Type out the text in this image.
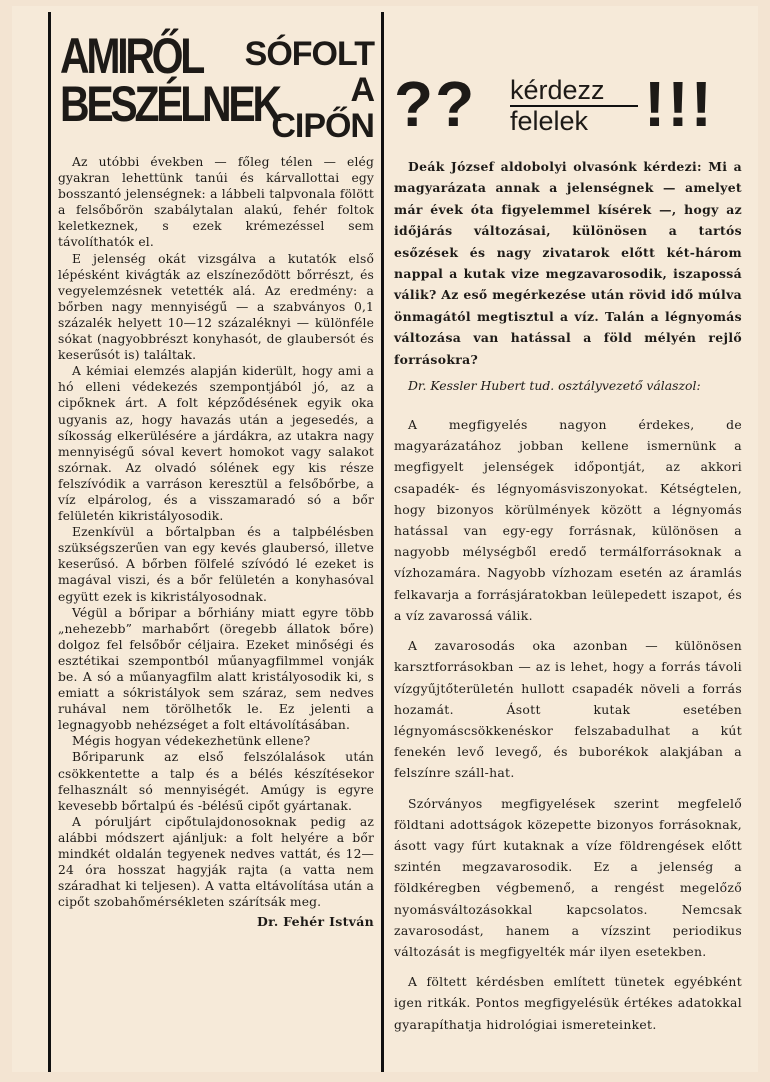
AMIRŐL BESZÉLNEK
SÓFOLT A CIPŐN

Az utóbbi években — főleg télen — elég gyakran lehettünk tanúi és kárvallottai egy bosszantó jelenségnek: a lábbeli talpvonala fölött a felsőbőrön szabálytalan alakú, fehér foltok keletkeznek, s ezek krémezéssel sem távolíthatók el.

E jelenség okát vizsgálva a kutatók első lépésként kivágták az elszíneződött bőrrészt, és vegyelemzésnek vetették alá. Az eredmény: a bőrben nagy mennyiségű — a szabványos 0,1 százalék helyett 10—12 százaléknyi — különféle sókat (nagyobbrészt konyhasót, de glaubersót és keserűsót is) találtak.

A kémiai elemzés alapján kiderült, hogy ami a hó elleni védekezés szempontjából jó, az a cipőknek árt. A folt képződésének egyik oka ugyanis az, hogy havazás után a jegesedés, a síkosság elkerülésére a járdákra, az utakra nagy mennyiségű sóval kevert homokot vagy salakot szórnak. Az olvadó sólének egy kis része felszívódik a varráson keresztül a felsőbőrbe, a víz elpárolog, és a visszamaradó só a bőr felületén kikristályosodik.

Ezenkívül a bőrtalpban és a talpbélésben szükségszerűen van egy kevés glaubersó, illetve keserűsó. A bőrben fölfelé szívódó lé ezeket is magával viszi, és a bőr felületén a konyhasóval együtt ezek is kikristályosodnak.

Végül a bőripar a bőrhiány miatt egyre több „nehezebb” marhabőrt (öregebb állatok bőre) dolgoz fel felsőbőr céljaira. Ezeket minőségi és esztétikai szempontból műanyagfilmmel vonják be. A só a műanyagfilm alatt kristályosodik ki, s emiatt a sókristályok sem száraz, sem nedves ruhával nem törölhetők le. Ez jelenti a legnagyobb nehézséget a folt eltávolításában.

Mégis hogyan védekezhetünk ellene?

Bőriparunk az első felszólalások után csökkentette a talp és a bélés készítésekor felhasznált só mennyiségét. Amúgy is egyre kevesebb bőrtalpú és -bélésű cipőt gyártanak.

A póruljárt cipőtulajdonosoknak pedig az alábbi módszert ajánljuk: a folt helyére a bőr mindkét oldalán tegyenek nedves vattát, és 12—24 óra hosszat hagyják rajta (a vatta nem száradhat ki teljesen). A vatta eltávolítása után a cipőt szobahőmérsékleten szárítsák meg.

Dr. Fehér István
?? kérdezz
felelek !!!

Deák József aldobolyi olvasónk kérdezi: Mi a magyarázata annak a jelenségnek — amelyet már évek óta figyelemmel kísérek —, hogy az időjárás változásai, különösen a tartós esőzések és nagy zivatarok előtt két-három nappal a kutak vize megzavarosodik, iszapossá válik? Az eső megérkezése után rövid idő múlva önmagától megtisztul a víz. Talán a légnyomás változása van hatással a föld mélyén rejlő forrásokra?

Dr. Kessler Hubert tud. osztályvezető válaszol:

A megfigyelés nagyon érdekes, de magyarázatához jobban kellene ismernünk a megfigyelt jelenségek időpontját, az akkori csapadék- és légnyomásviszonyokat. Kétségtelen, hogy bizonyos körülmények között a légnyomás hatással van egy-egy forrásnak, különösen a nagyobb mélységből eredő termálforrásoknak a vízhozamára. Nagyobb vízhozam esetén az áramlás felkavarja a forrásjáratokban leülepedett iszapot, és a víz zavarossá válik.

A zavarosodás oka azonban — különösen karsztforrásokban — az is lehet, hogy a forrás távoli vízgyűjtőterületén hullott csapadék növeli a forrás hozamát. Ásott kutak esetében légnyomáscsökkenéskor felszabadulhat a kút fenekén levő levegő, és buborékok alakjában a felszínre száll-hat.

Szórványos megfigyelések szerint megfelelő földtani adottságok közepette bizonyos forrásoknak, ásott vagy fúrt kutaknak a víze földrengések előtt szintén megzavarosodik. Ez a jelenség a földkéregben végbemenő, a rengést megelőző nyomásváltozásokkal kapcsolatos. Nemcsak zavarosodást, hanem a vízszint periodikus változását is megfigyelték már ilyen esetekben.

A föltett kérdésben említett tünetek egyébként igen ritkák. Pontos megfigyelésük értékes adatokkal gyarapíthatja hidrológiai ismereteinket.
